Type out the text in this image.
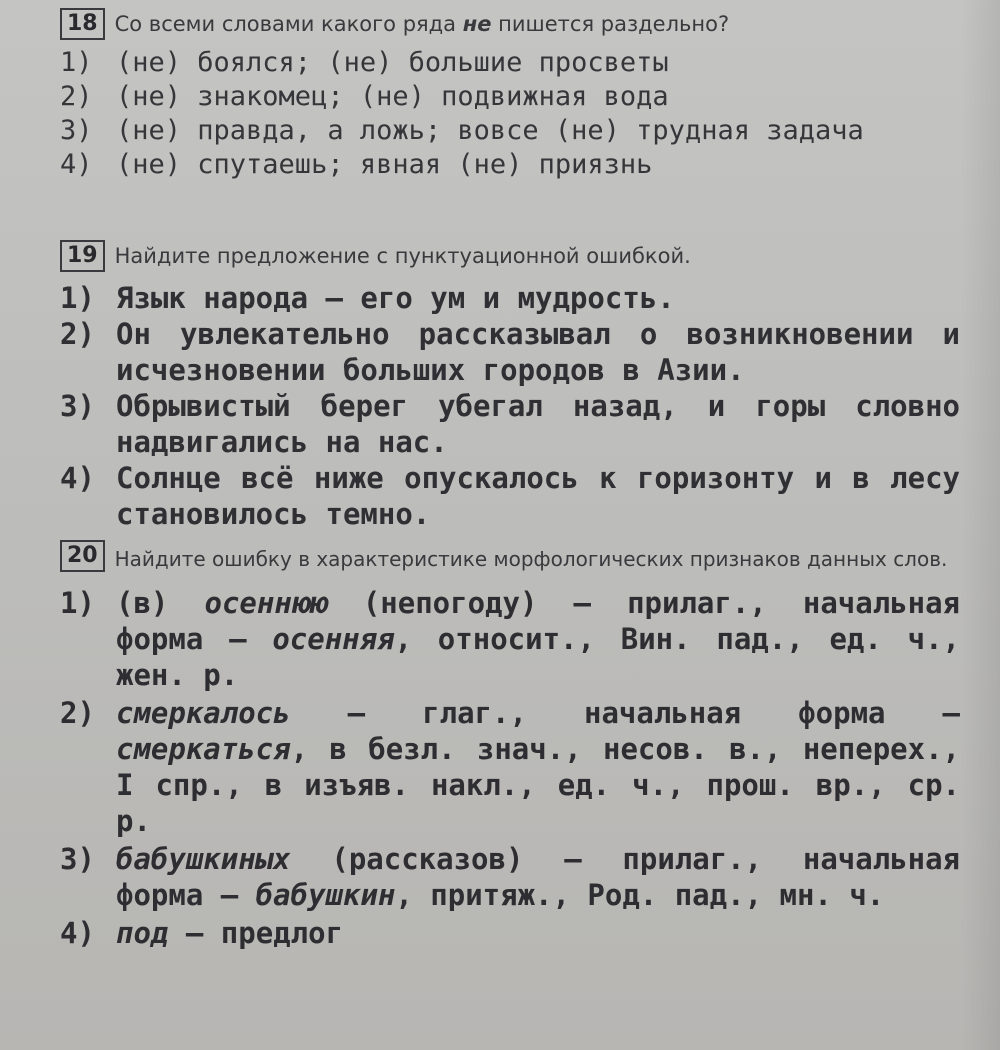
18 Со всеми словами какого ряда не пишется раздельно?
1) (не) боялся; (не) большие просветы
2) (не) знакомец; (не) подвижная вода
3) (не) правда, а ложь; вовсе (не) трудная задача
4) (не) спутаешь; явная (не) приязнь
19 Найдите предложение с пунктуационной ошибкой.
1) Язык народа — его ум и мудрость.
2) Он увлекательно рассказывал о возникновении и исчезновении больших городов в Азии.
3) Обрывистый берег убегал назад, и горы словно надвигались на нас.
4) Солнце всё ниже опускалось к горизонту и в лесу становилось темно.
20 Найдите ошибку в характеристике морфологических признаков данных слов.
1) (в) осеннюю (непогоду) — прилаг., начальная форма — осенняя, относит., Вин. пад., ед. ч., жен. р.
2) смеркалось — глаг., начальная форма — смеркаться, в безл. знач., несов. в., неперех., I спр., в изъяв. накл., ед. ч., прош. вр., ср. р.
3) бабушкиных (рассказов) — прилаг., начальная форма — бабушкин, притяж., Род. пад., мн. ч.
4) под — предлог
